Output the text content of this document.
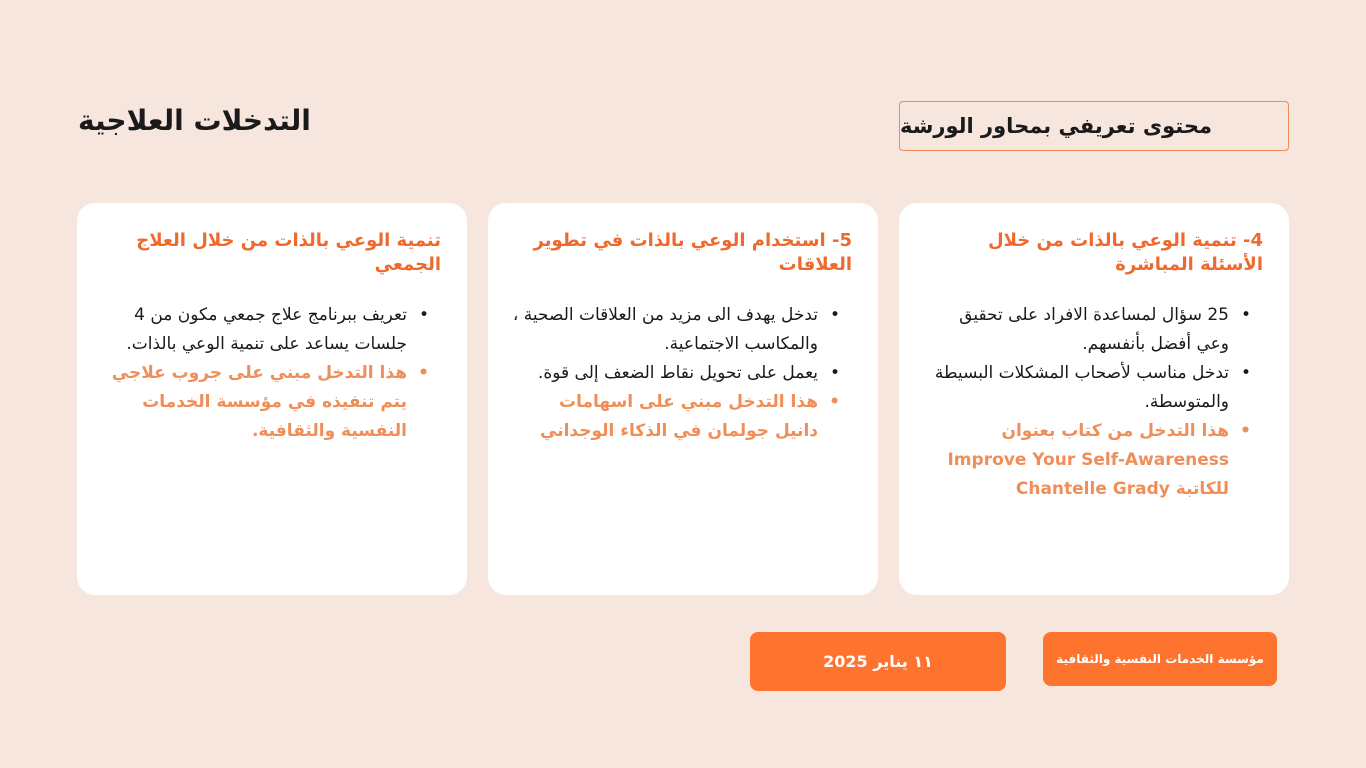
التدخلات العلاجية	محتوى تعريفي بمحاور الورشة
4- تنمية الوعي بالذات من خلال الأسئلة المباشرة
• 25 سؤال لمساعدة الافراد على تحقيق وعي أفضل بأنفسهم.
• تدخل مناسب لأصحاب المشكلات البسيطة والمتوسطة.
• هذا التدخل من كتاب بعنوان
Improve Your Self-Awareness
للكاتبة Chantelle Grady
5- استخدام الوعي بالذات في تطوير العلاقات
• تدخل يهدف الى مزيد من العلاقات الصحية ، والمكاسب الاجتماعية.
• يعمل على تحويل نقاط الضعف إلى قوة.
• هذا التدخل مبني على اسهامات دانيل جولمان في الذكاء الوجداني
تنمية الوعي بالذات من خلال العلاج الجمعي
• تعريف ببرنامج علاج جمعي مكون من 4 جلسات يساعد على تنمية الوعي بالذات.
• هذا التدخل مبني على جروب علاجي يتم تنفيذه في مؤسسة الخدمات النفسية والثقافية.
١١ يناير 2025	مؤسسة الخدمات النفسية والثقافية
